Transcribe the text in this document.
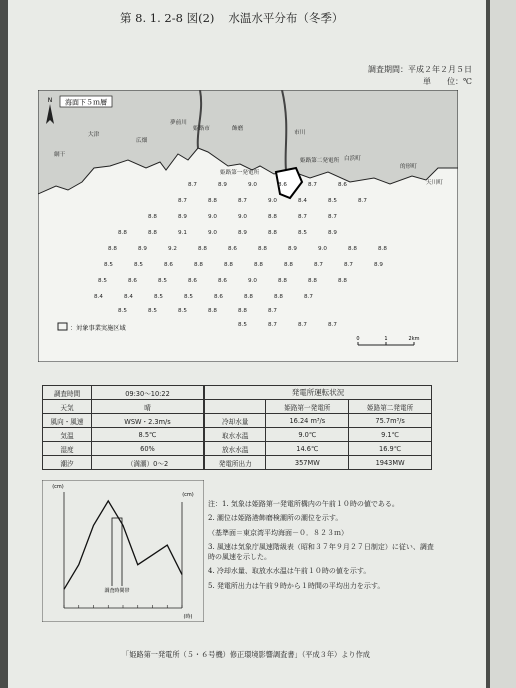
第 8. 1. 2-8 図(2) 水温水平分布（冬季）
調査期間：平成２年２月５日
単　　位：℃
海面下５ｍ層
N
姫路市
広畑
姫路第一発電所
姫路第二発電所 白浜町
飾磨
大津
網干
的形町
天川町
夢前川
市川
8.7	8.9	9.0	8.6	8.7	8.6
8.7	8.8	8.7	9.0	8.4	8.5	8.7
8.8	8.9	9.0	9.0	8.8	8.7	8.7
8.8	8.8	9.1	9.0	8.9	8.8	8.5	8.9
8.8	8.9	9.2	8.8	8.6	8.8	8.9	9.0	8.8	8.8
8.5	8.5	8.6	8.8	8.8	8.8	8.8	8.7	8.7	8.9
8.5	8.6	8.5	8.6	8.6	9.0	8.8	8.8	8.8
8.4	8.4	8.5	8.5	8.6	8.8	8.8	8.7
8.5	8.5	8.5	8.8	8.8	8.7
8.5	8.7	8.7	8.7
：対象事業実施区域
0	1	2km
調査時間	09:30～10:22
天気	晴
風向・風速	WSW・2.3m/s
気温	8.5℃
湿度	60%
潮汐	（満潮）0～2
発電所運転状況		
	姫路第一発電所	姫路第二発電所
冷却水量	16.24 m³/s	75.7m³/s
取水水温	9.0℃	9.1℃
放水水温	14.6℃	16.9℃
発電所出力	357MW	1943MW
(cm)
(cm)
(時)
調査時間帯
注：1. 気象は姫路第一発電所構内の午前１０時の値である。
2. 潮位は姫路港飾磨検潮所の潮位を示す。
（基準面＝東京湾平均海面－０．８２３ｍ）
3. 風速は気象庁風速階級表（昭和３７年９月２７日制定）に従い、調査時の風速を示した。
4. 冷却水量、取放水水温は午前１０時の値を示す。
5. 発電所出力は午前９時から１時間の平均出力を示す。
「姫路第一発電所（５・６号機）修正環境影響調査書」（平成３年）より作成
